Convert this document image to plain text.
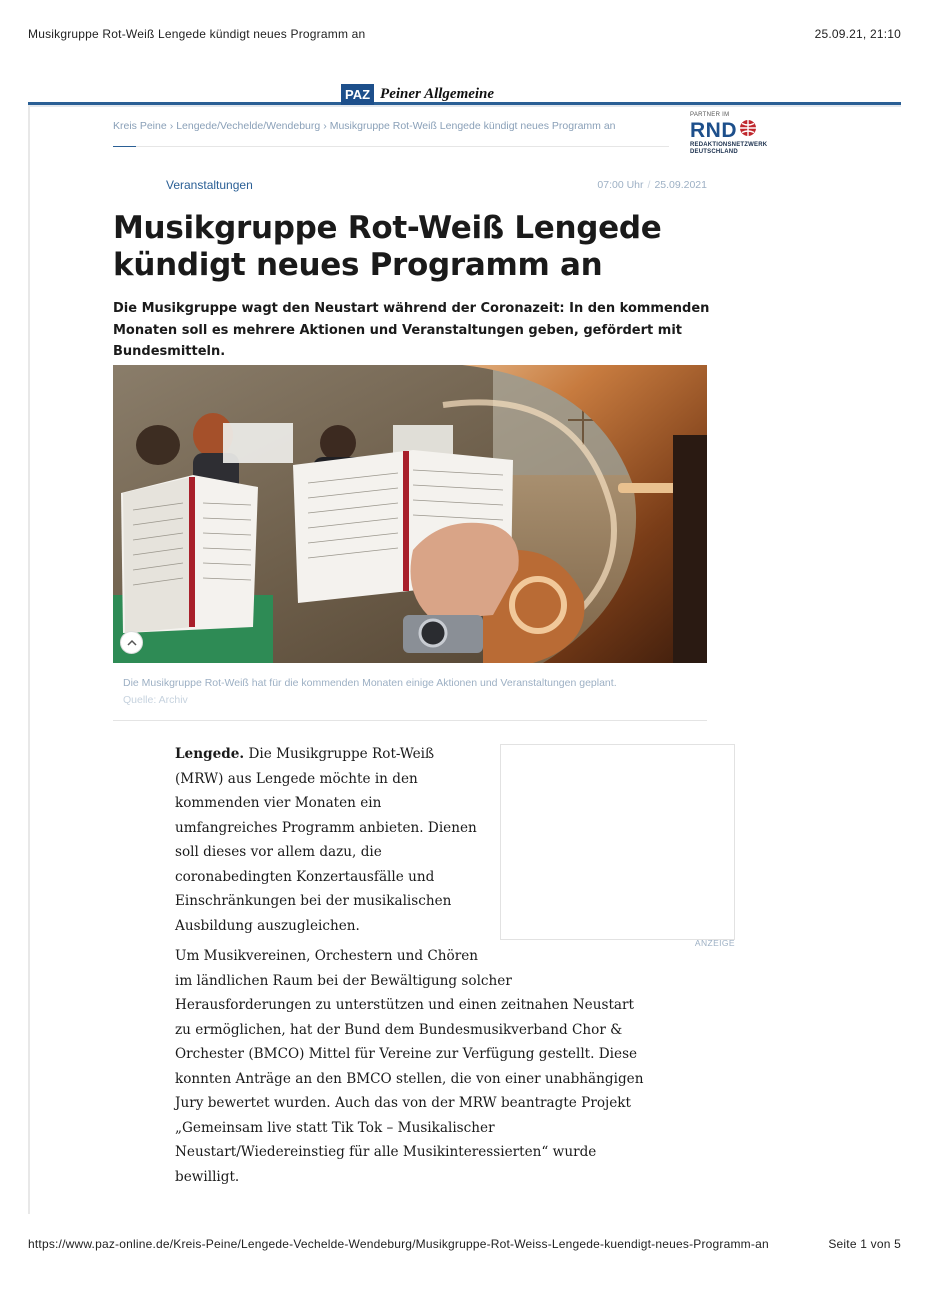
Musikgruppe Rot-Weiß Lengede kündigt neues Programm an	25.09.21, 21:10
PAZ Peiner Allgemeine
Kreis Peine › Lengede/Vechelde/Wendeburg › Musikgruppe Rot-Weiß Lengede kündigt neues Programm an
PARTNER IM
RND
REDAKTIONSNETZWERK
DEUTSCHLAND
Veranstaltungen	07:00 Uhr / 25.09.2021
Musikgruppe Rot-Weiß Lengede kündigt neues Programm an

Die Musikgruppe wagt den Neustart während der Coronazeit: In den kommenden Monaten soll es mehrere Aktionen und Veranstaltungen geben, gefördert mit Bundesmitteln.

Die Musikgruppe Rot-Weiß hat für die kommenden Monaten einige Aktionen und Veranstaltungen geplant.
Quelle: Archiv
ANZEIGE

Lengede. Die Musikgruppe Rot-Weiß (MRW) aus Lengede möchte in den kommenden vier Monaten ein umfangreiches Programm anbieten. Dienen soll dieses vor allem dazu, die coronabedingten Konzertausfälle und Einschränkungen bei der musikalischen Ausbildung auszugleichen.

Um Musikvereinen, Orchestern und Chören im ländlichen Raum bei der Bewältigung solcher Herausforderungen zu unterstützen und einen zeitnahen Neustart zu ermöglichen, hat der Bund dem Bundesmusikverband Chor & Orchester (BMCO) Mittel für Vereine zur Verfügung gestellt. Diese konnten Anträge an den BMCO stellen, die von einer unabhängigen Jury bewertet wurden. Auch das von der MRW beantragte Projekt „Gemeinsam live statt Tik Tok – Musikalischer Neustart/Wiedereinstieg für alle Musikinteressierten“ wurde bewilligt.

https://www.paz-online.de/Kreis-Peine/Lengede-Vechelde-Wendeburg/Musikgruppe-Rot-Weiss-Lengede-kuendigt-neues-Programm-an	Seite 1 von 5
